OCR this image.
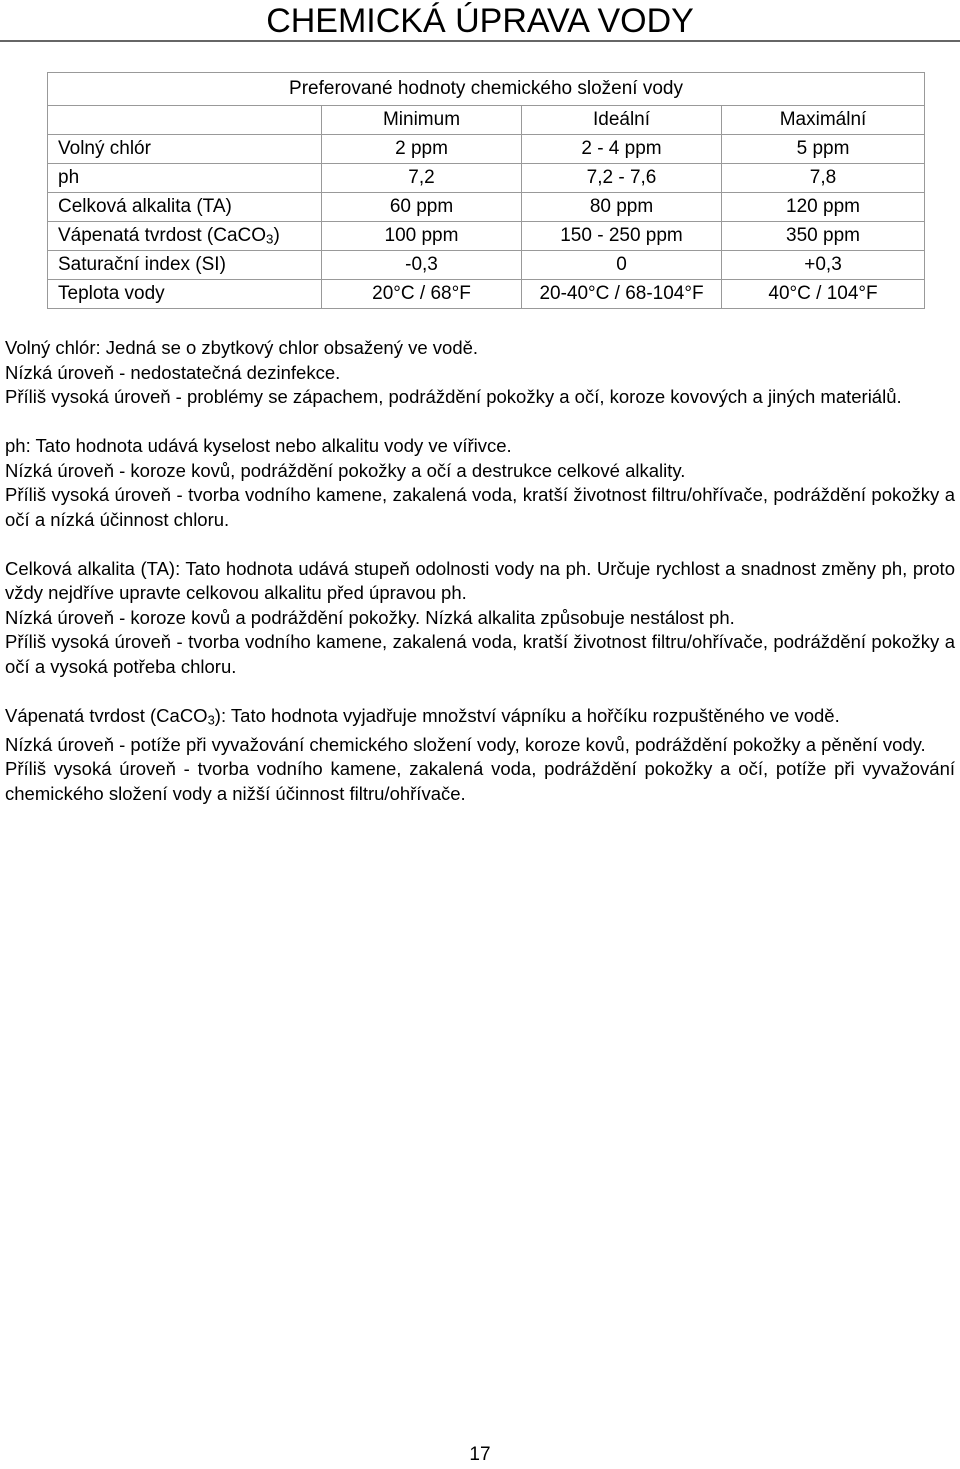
CHEMICKÁ ÚPRAVA VODY
Preferované hodnoty chemického složení vody			
	Minimum	Ideální	Maximální
Volný chlór	2 ppm	2 - 4 ppm	5 ppm
ph	7,2	7,2 - 7,6	7,8
Celková alkalita (TA)	60 ppm	80 ppm	120 ppm
Vápenatá tvrdost (CaCO$_3$)	100 ppm	150 - 250 ppm	350 ppm
Saturační index (SI)	-0,3	0	+0,3
Teplota vody	20°C / 68°F	20-40°C / 68-104°F	40°C / 104°F

Volný chlór: Jedná se o zbytkový chlor obsažený ve vodě.
Nízká úroveň - nedostatečná dezinfekce.
Příliš vysoká úroveň - problémy se zápachem, podráždění pokožky a očí, koroze kovových a jiných materiálů.

ph: Tato hodnota udává kyselost nebo alkalitu vody ve vířivce.
Nízká úroveň - koroze kovů, podráždění pokožky a očí a destrukce celkové alkality.
Příliš vysoká úroveň - tvorba vodního kamene, zakalená voda, kratší životnost filtru/ohřívače, podráždění pokožky a očí a nízká účinnost chloru.

Celková alkalita (TA): Tato hodnota udává stupeň odolnosti vody na ph. Určuje rychlost a snadnost změny ph, proto vždy nejdříve upravte celkovou alkalitu před úpravou ph.
Nízká úroveň - koroze kovů a podráždění pokožky. Nízká alkalita způsobuje nestálost ph.
Příliš vysoká úroveň - tvorba vodního kamene, zakalená voda, kratší životnost filtru/ohřívače, podráždění pokožky a očí a vysoká potřeba chloru.

Vápenatá tvrdost (CaCO$_3$): Tato hodnota vyjadřuje množství vápníku a hořčíku rozpuštěného ve vodě.
Nízká úroveň - potíže při vyvažování chemického složení vody, koroze kovů, podráždění pokožky a pěnění vody.
Příliš vysoká úroveň - tvorba vodního kamene, zakalená voda, podráždění pokožky a očí, potíže při vyvažování chemického složení vody a nižší účinnost filtru/ohřívače.

17
